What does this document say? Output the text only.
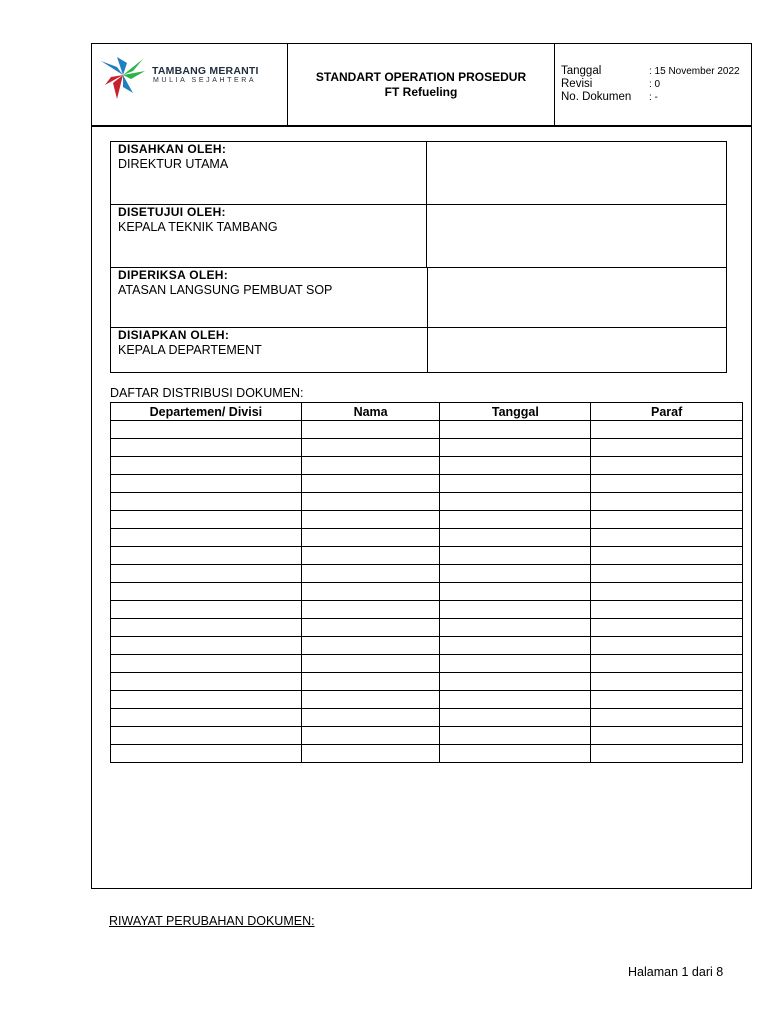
TAMBANG MERANTI
MULIA SEJAHTERA	STANDART OPERATION PROSEDUR
FT Refueling
Tanggal	: 15 November 2022
Revisi	: 0
No. Dokumen : -
DISAHKAN OLEH:
DIREKTUR UTAMA
DISETUJUI OLEH:
KEPALA TEKNIK TAMBANG
DIPERIKSA OLEH:
ATASAN LANGSUNG PEMBUAT SOP
DISIAPKAN OLEH:
KEPALA DEPARTEMENT
DAFTAR DISTRIBUSI DOKUMEN:
Departemen/ Divisi	Nama	Tanggal	Paraf

RIWAYAT PERUBAHAN DOKUMEN:
Halaman 1 dari 8
